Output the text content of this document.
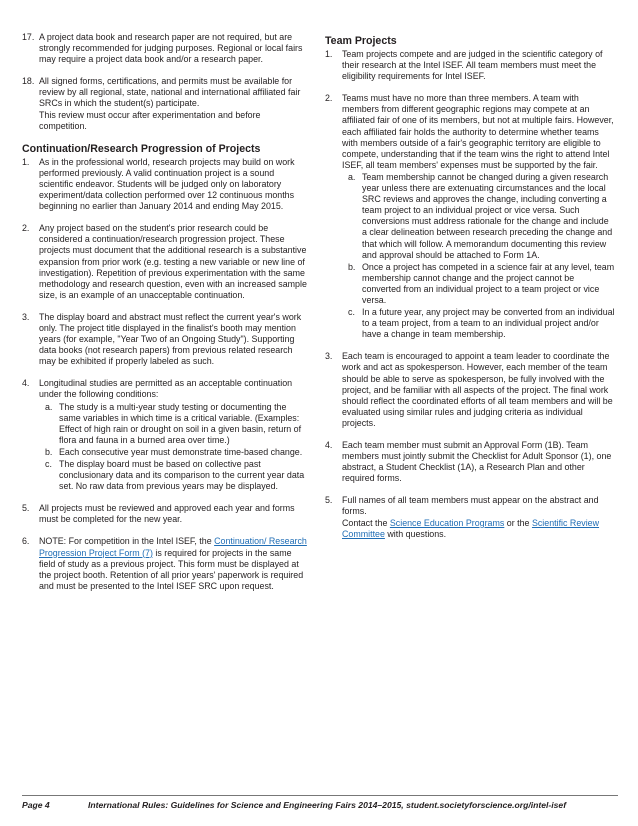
17. A project data book and research paper are not required, but are strongly recommended for judging purposes. Regional or local fairs may require a project data book and/or a research paper.
18. All signed forms, certifications, and permits must be available for review by all regional, state, national and international affiliated fair SRCs in which the student(s) participate.
This review must occur after experimentation and before competition.
Continuation/Research Progression of Projects
1. As in the professional world, research projects may build on work performed previously. A valid continuation project is a sound scientific endeavor. Students will be judged only on laboratory experiment/data collection performed over 12 continuous months beginning no earlier than January 2014 and ending May 2015.
2. Any project based on the student's prior research could be considered a continuation/research progression project. These projects must document that the additional research is a substantive expansion from prior work (e.g. testing a new variable or new line of investigation). Repetition of previous experimentation with the same methodology and research question, even with an increased sample size, is an example of an unacceptable continuation.
3. The display board and abstract must reflect the current year's work only. The project title displayed in the finalist's booth may mention years (for example, "Year Two of an Ongoing Study"). Supporting data books (not research papers) from previous related research may be exhibited if properly labeled as such.
4. Longitudinal studies are permitted as an acceptable continuation under the following conditions:
a. The study is a multi-year study testing or documenting the same variables in which time is a critical variable. (Examples: Effect of high rain or drought on soil in a given basin, return of flora and fauna in a burned area over time.)
b. Each consecutive year must demonstrate time-based change.
c. The display board must be based on collective past conclusionary data and its comparison to the current year data set. No raw data from previous years may be displayed.
5. All projects must be reviewed and approved each year and forms must be completed for the new year.
6. NOTE: For competition in the Intel ISEF, the Continuation/ Research Progression Project Form (7) is required for projects in the same field of study as a previous project. This form must be displayed at the project booth. Retention of all prior years' paperwork is required and must be presented to the Intel ISEF SRC upon request.
Team Projects
1. Team projects compete and are judged in the scientific category of their research at the Intel ISEF. All team members must meet the eligibility requirements for Intel ISEF.
2. Teams must have no more than three members. A team with members from different geographic regions may compete at an affiliated fair of one of its members, but not at multiple fairs. However, each affiliated fair holds the authority to determine whether teams with members outside of a fair's geographic territory are eligible to compete, understanding that if the team wins the right to attend Intel ISEF, all team members' expenses must be supported by the fair.
a. Team membership cannot be changed during a given research year unless there are extenuating circumstances and the local SRC reviews and approves the change, including converting a team project to an individual project or vice versa. Such conversions must address rationale for the change and include a clear delineation between research preceding the change and that which will follow. A memorandum documenting this review and approval should be attached to Form 1A.
b. Once a project has competed in a science fair at any level, team membership cannot change and the project cannot be converted from an individual project to a team project or vice versa.
c. In a future year, any project may be converted from an individual to a team project, from a team to an individual project and/or have a change in team membership.
3. Each team is encouraged to appoint a team leader to coordinate the work and act as spokesperson. However, each member of the team should be able to serve as spokesperson, be fully involved with the project, and be familiar with all aspects of the project. The final work should reflect the coordinated efforts of all team members and will be evaluated using similar rules and judging criteria as individual projects.
4. Each team member must submit an Approval Form (1B). Team members must jointly submit the Checklist for Adult Sponsor (1), one abstract, a Student Checklist (1A), a Research Plan and other required forms.
5. Full names of all team members must appear on the abstract and forms.
Contact the Science Education Programs or the Scientific Review Committee with questions.
Page 4	International Rules: Guidelines for Science and Engineering Fairs 2014–2015, student.societyforscience.org/intel-isef
